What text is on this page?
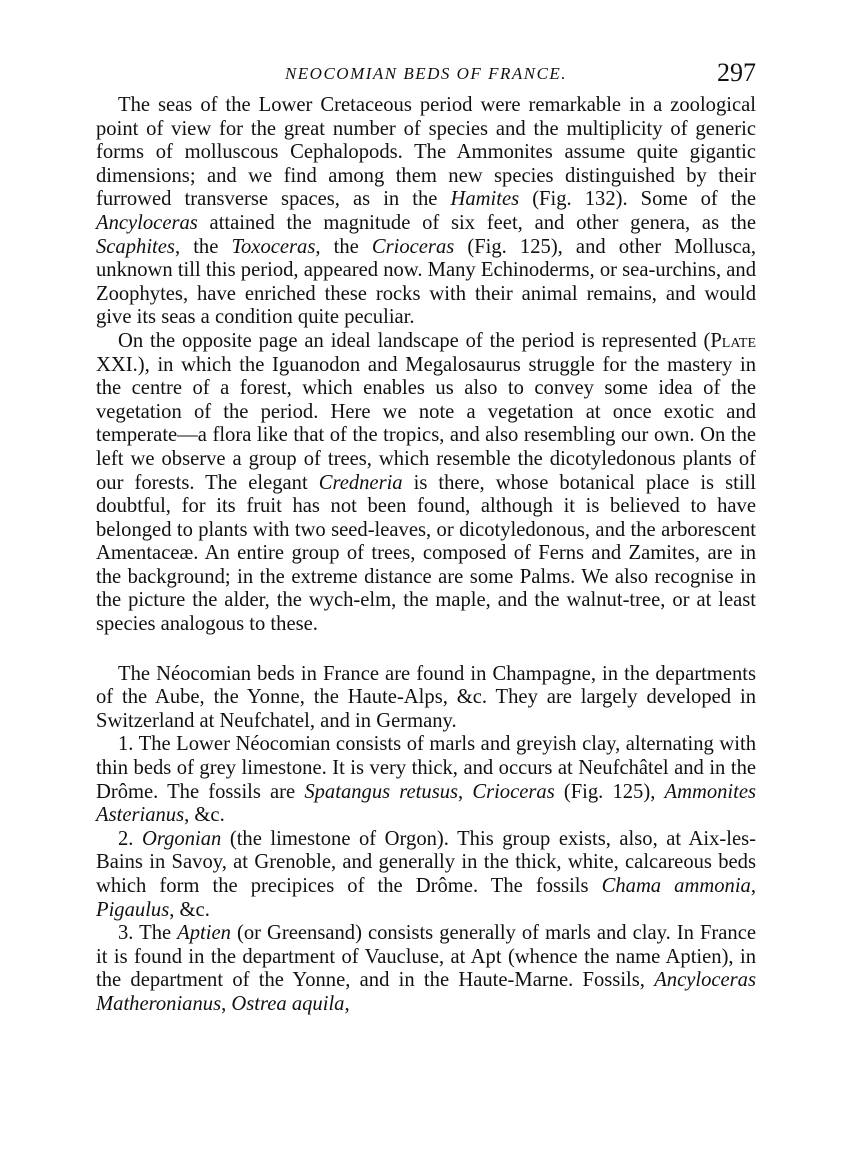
NEOCOMIAN BEDS OF FRANCE.	297

The seas of the Lower Cretaceous period were remarkable in a zoological point of view for the great number of species and the multiplicity of generic forms of molluscous Cephalopods. The Ammonites assume quite gigantic dimensions; and we find among them new species distinguished by their furrowed transverse spaces, as in the Hamites (Fig. 132). Some of the Ancyloceras attained the magnitude of six feet, and other genera, as the Scaphites, the Toxoceras, the Crioceras (Fig. 125), and other Mollusca, unknown till this period, appeared now. Many Echinoderms, or sea-urchins, and Zoophytes, have enriched these rocks with their animal remains, and would give its seas a condition quite peculiar.

On the opposite page an ideal landscape of the period is represented (Plate XXI.), in which the Iguanodon and Megalosaurus struggle for the mastery in the centre of a forest, which enables us also to convey some idea of the vegetation of the period. Here we note a vegetation at once exotic and temperate—a flora like that of the tropics, and also resembling our own. On the left we observe a group of trees, which resemble the dicotyledonous plants of our forests. The elegant Credneria is there, whose botanical place is still doubtful, for its fruit has not been found, although it is believed to have belonged to plants with two seed-leaves, or dicotyledonous, and the arborescent Amentaceæ. An entire group of trees, composed of Ferns and Zamites, are in the background; in the extreme distance are some Palms. We also recognise in the picture the alder, the wych-elm, the maple, and the walnut-tree, or at least species analogous to these.

The Néocomian beds in France are found in Champagne, in the departments of the Aube, the Yonne, the Haute-Alps, &c. They are largely developed in Switzerland at Neufchatel, and in Germany.

1. The Lower Néocomian consists of marls and greyish clay, alternating with thin beds of grey limestone. It is very thick, and occurs at Neufchâtel and in the Drôme. The fossils are Spatangus retusus, Crioceras (Fig. 125), Ammonites Asterianus, &c.

2. Orgonian (the limestone of Orgon). This group exists, also, at Aix-les-Bains in Savoy, at Grenoble, and generally in the thick, white, calcareous beds which form the precipices of the Drôme. The fossils Chama ammonia, Pigaulus, &c.

3. The Aptien (or Greensand) consists generally of marls and clay. In France it is found in the department of Vaucluse, at Apt (whence the name Aptien), in the department of the Yonne, and in the Haute-Marne. Fossils, Ancyloceras Matheronianus, Ostrea aquila,
